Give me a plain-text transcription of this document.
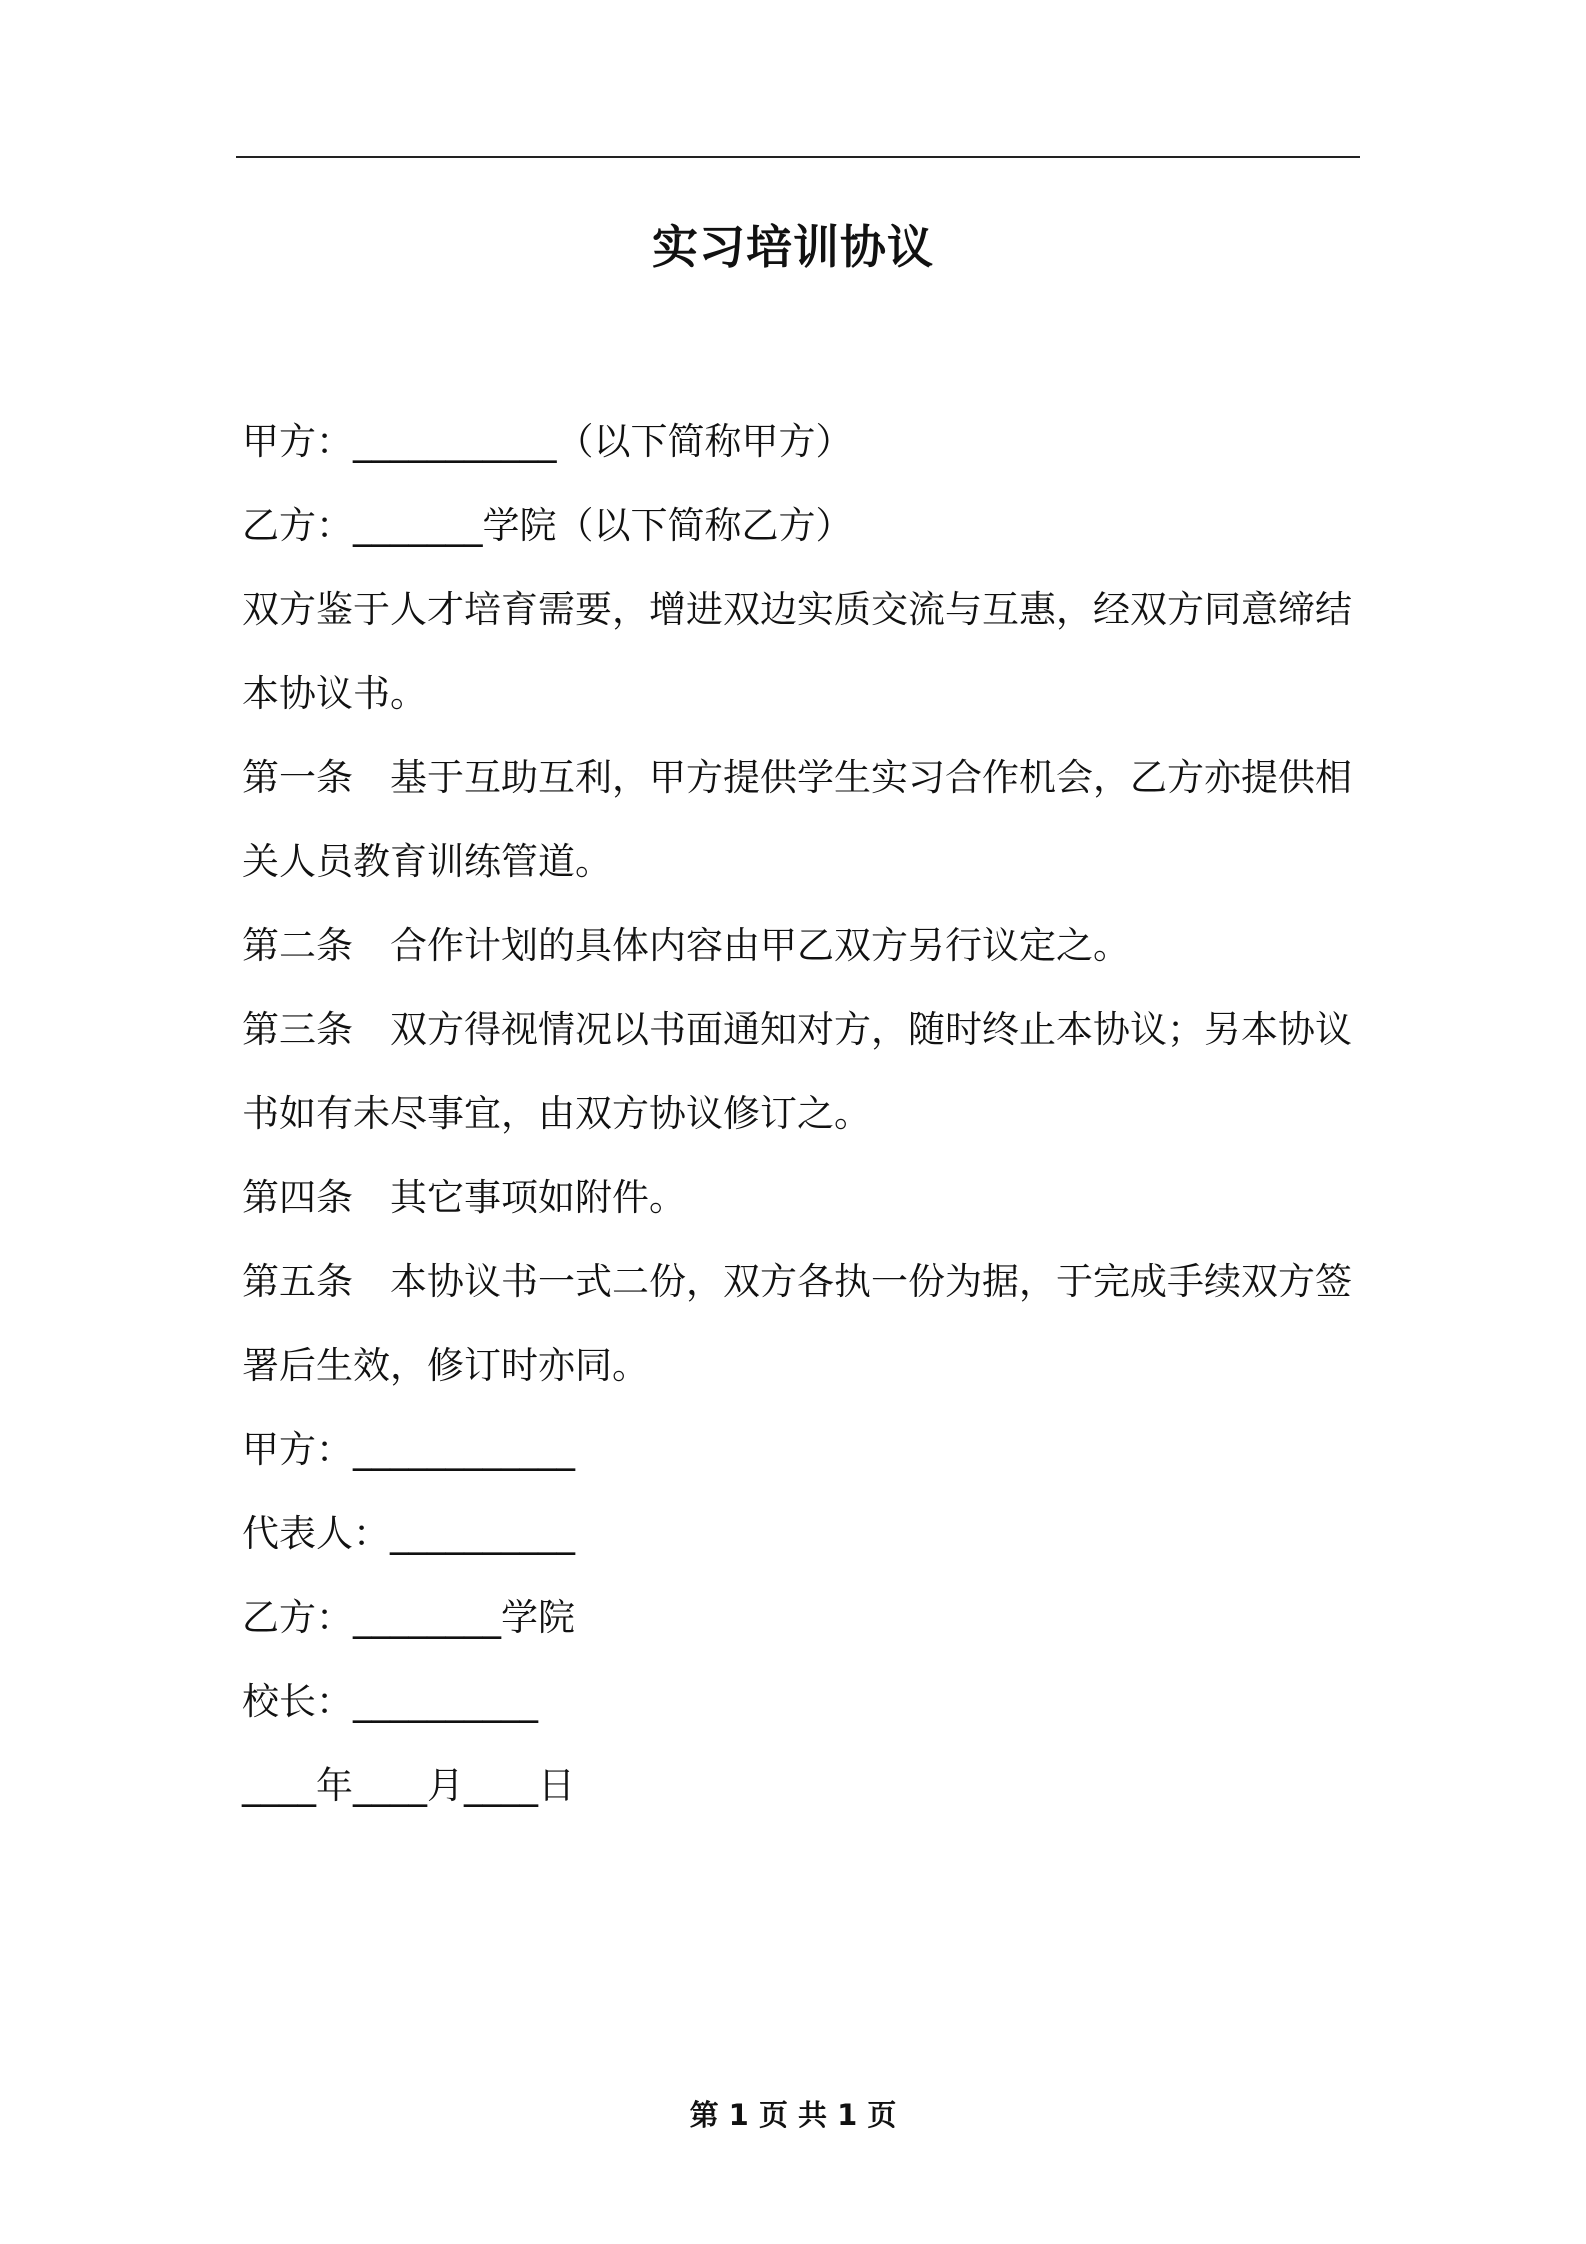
实习培训协议

甲方：___________（以下简称甲方）

乙方：_______学院（以下简称乙方）

双方鉴于人才培育需要，增进双边实质交流与互惠，经双方同意缔结本协议书。

第一条　基于互助互利，甲方提供学生实习合作机会，乙方亦提供相关人员教育训练管道。

第二条　合作计划的具体内容由甲乙双方另行议定之。

第三条　双方得视情况以书面通知对方，随时终止本协议；另本协议书如有未尽事宜，由双方协议修订之。

第四条　其它事项如附件。

第五条　本协议书一式二份，双方各执一份为据，于完成手续双方签署后生效，修订时亦同。

甲方：____________

代表人：__________

乙方：________学院

校长：__________

____年____月____日

第 1 页 共 1 页
